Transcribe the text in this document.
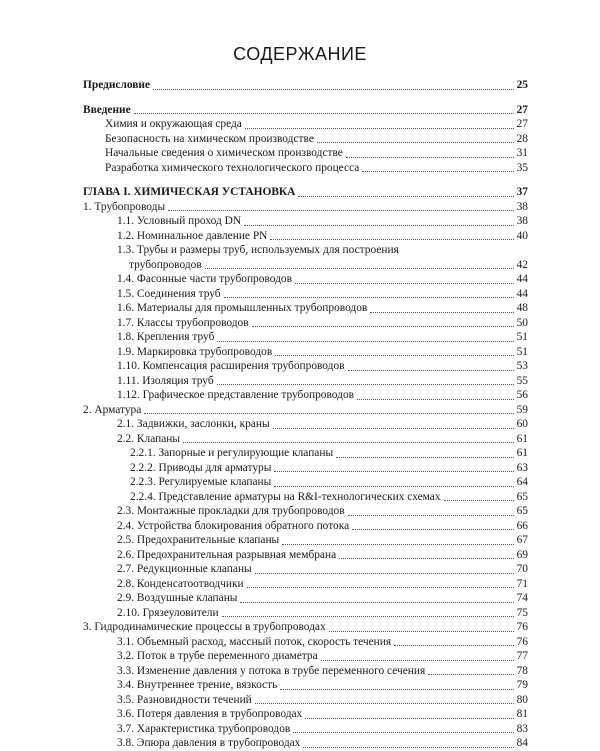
СОДЕРЖАНИЕ
Предисловие	25
Введение	27
Химия и окружающая среда	27
Безопасность на химическом производстве	28
Начальные сведения о химическом производстве	31
Разработка химического технологического процесса	35
ГЛАВА I. ХИМИЧЕСКАЯ УСТАНОВКА	37
1. Трубопроводы	38
1.1. Условный проход DN	38
1.2. Номинальное давление PN	40
1.3. Трубы и размеры труб, используемых для построения
трубопроводов	42
1.4. Фасонные части трубопроводов	44
1.5. Соединения труб	44
1.6. Материалы для промышленных трубопроводов	48
1.7. Классы трубопроводов	50
1.8. Крепления труб	51
1.9. Маркировка трубопроводов	51
1.10. Компенсация расширения трубопроводов	53
1.11. Изоляция труб	55
1.12. Графическое представление трубопроводов	56
2. Арматура	59
2.1. Задвижки, заслонки, краны	60
2.2. Клапаны	61
2.2.1. Запорные и регулирующие клапаны	61
2.2.2. Приводы для арматуры	63
2.2.3. Регулируемые клапаны	64
2.2.4. Представление арматуры на R&I-технологических схемах	65
2.3. Монтажные прокладки для трубопроводов	65
2.4. Устройства блокирования обратного потока	66
2.5. Предохранительные клапаны	67
2.6. Предохранительная разрывная мембрана	69
2.7. Редукционные клапаны	70
2.8. Конденсатоотводчики	71
2.9. Воздушные клапаны	74
2.10. Грязеуловители	75
3. Гидродинамические процессы в трубопроводах	76
3.1. Объемный расход, массный поток, скорость течения	76
3.2. Поток в трубе переменного диаметра	77
3.3. Изменение давления у потока в трубе переменного сечения	78
3.4. Внутреннее трение, вязкость	79
3.5. Разновидности течений	80
3.6. Потеря давления в трубопроводах	81
3.7. Характеристика трубопроводов	83
3.8. Эпюра давления в трубопроводах	84
